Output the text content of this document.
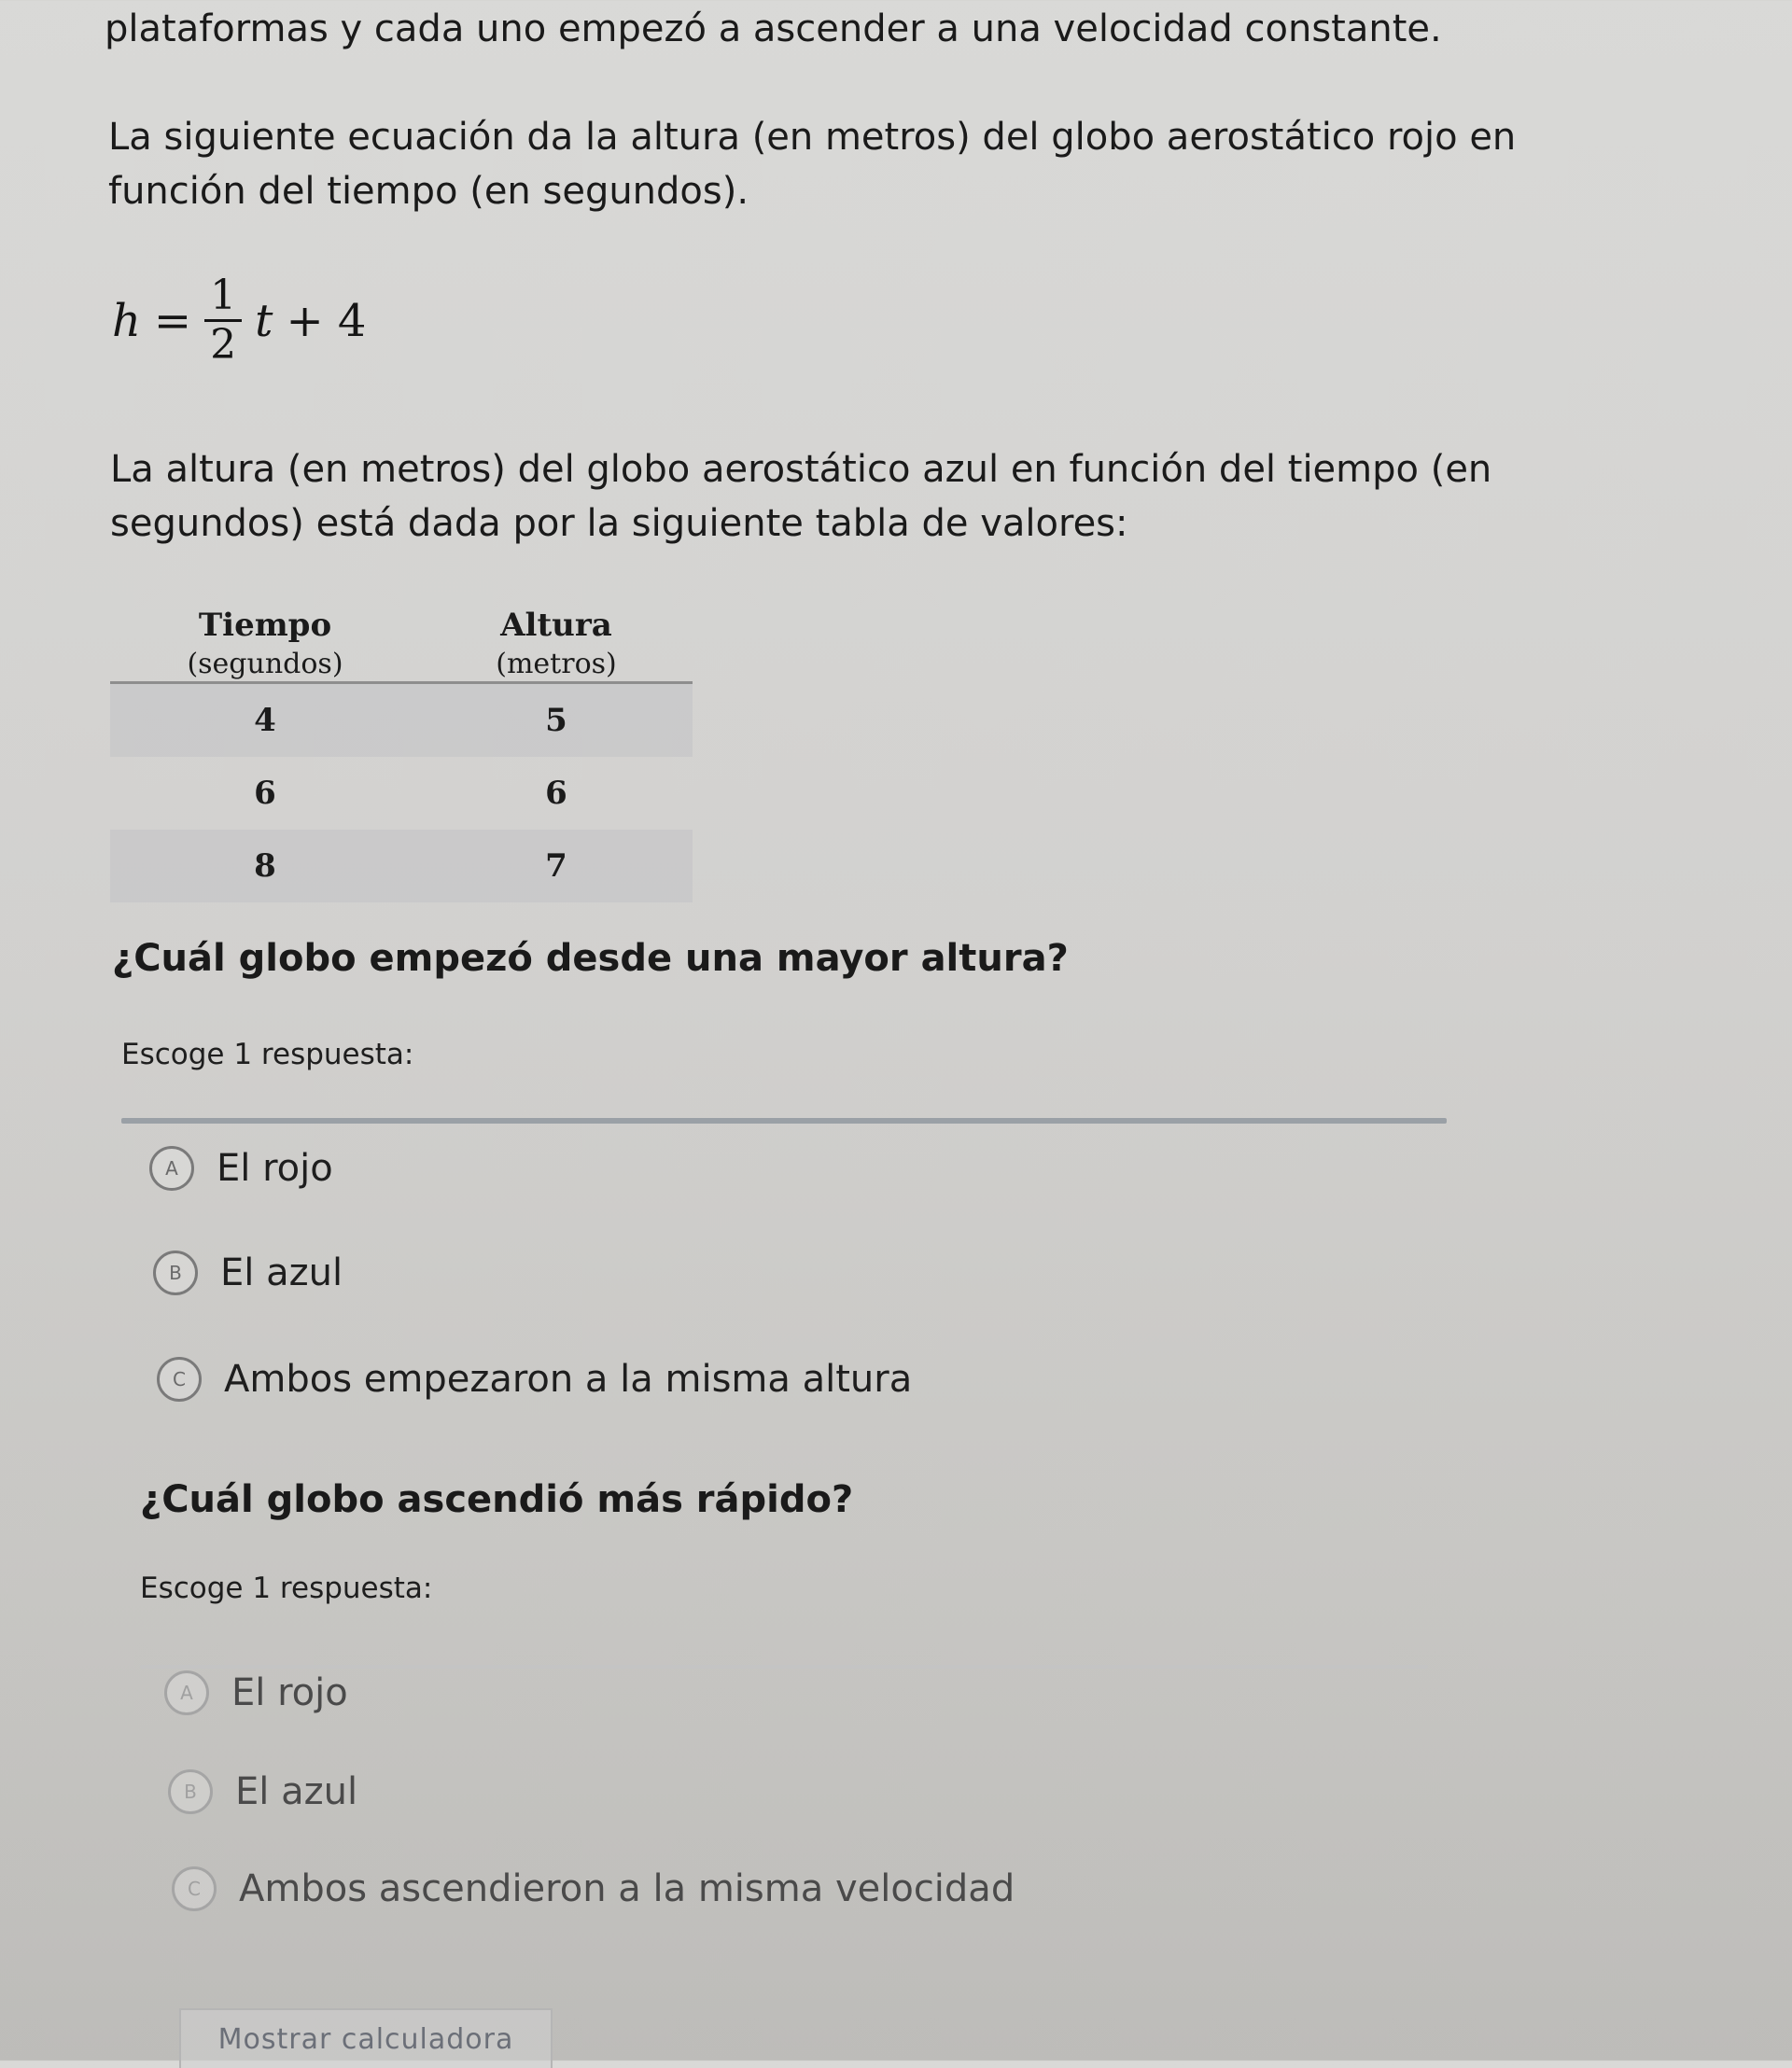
plataformas y cada uno empezó a ascender a una velocidad constante.

La siguiente ecuación da la altura (en metros) del globo aerostático rojo en función del tiempo (en segundos).

$h = \frac{1}{2}$ t + 4

La altura (en metros) del globo aerostático azul en función del tiempo (en segundos) está dada por la siguiente tabla de valores:

Tiempo (segundos)	Altura (metros)
4	5
6	6
8	7
¿Cuál globo empezó desde una mayor altura?
Escoge 1 respuesta:
A	El rojo
B	El azul
C	Ambos empezaron a la misma altura
¿Cuál globo ascendió más rápido?
Escoge 1 respuesta:
A	El rojo
B	El azul
C	Ambos ascendieron a la misma velocidad
Mostrar calculadora
